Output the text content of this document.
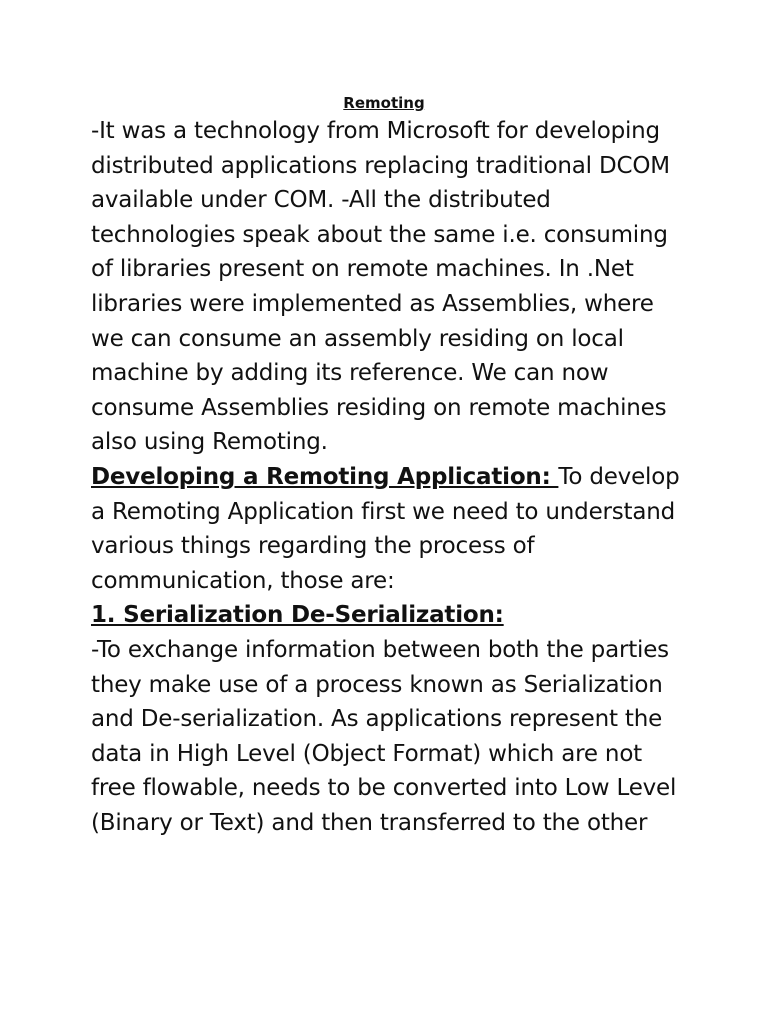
Remoting

-It was a technology from Microsoft for developing distributed applications replacing traditional DCOM available under COM. -All the distributed technologies speak about the same i.e. consuming of libraries present on remote machines. In .Net libraries were implemented as Assemblies, where we can consume an assembly residing on local machine by adding its reference. We can now consume Assemblies residing on remote machines also using Remoting.

Developing a Remoting Application: To develop a Remoting Application first we need to understand various things regarding the process of communication, those are:

1. Serialization De-Serialization:

-To exchange information between both the parties they make use of a process known as Serialization and De-serialization. As applications represent the data in High Level (Object Format) which are not free flowable, needs to be converted into Low Level (Binary or Text) and then transferred to the other
